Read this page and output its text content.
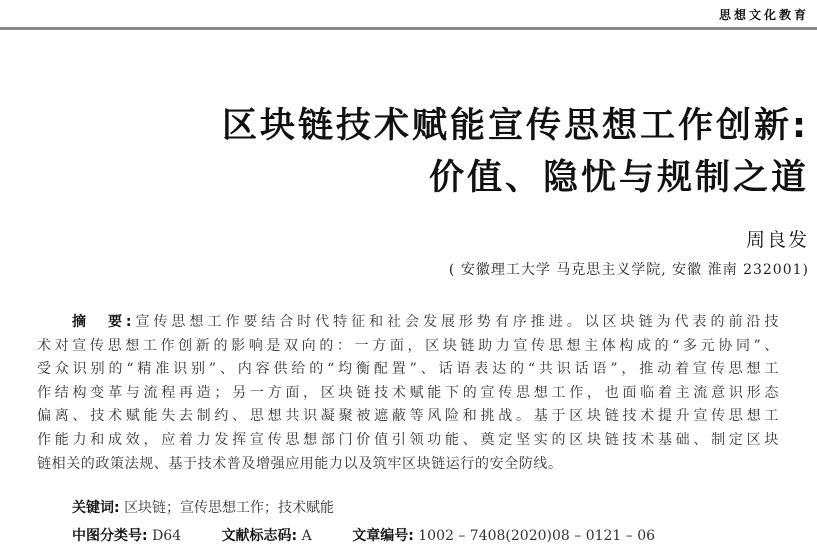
思想文化教育
区块链技术赋能宣传思想工作创新:
价值、隐忧与规制之道
周良发
( 安徽理工大学 马克思主义学院, 安徽 淮南 232001)
摘　要:宣传思想工作要结合时代特征和社会发展形势有序推进。以区块链为代表的前沿技
术对宣传思想工作创新的影响是双向的：一方面，区块链助力宣传思想主体构成的“多元协同”、
受众识别的“精准识别”、内容供给的“均衡配置”、话语表达的“共识话语”，推动着宣传思想工
作结构变革与流程再造；另一方面，区块链技术赋能下的宣传思想工作，也面临着主流意识形态
偏离、技术赋能失去制约、思想共识凝聚被遮蔽等风险和挑战。基于区块链技术提升宣传思想工
作能力和成效，应着力发挥宣传思想部门价值引领功能、奠定坚实的区块链技术基础、制定区块
链相关的政策法规、基于技术普及增强应用能力以及筑牢区块链运行的安全防线。
关键词: 区块链；宣传思想工作；技术赋能
中图分类号: D64	文献标志码: A	文章编号: 1002 – 7408(2020)08 – 0121 – 06
